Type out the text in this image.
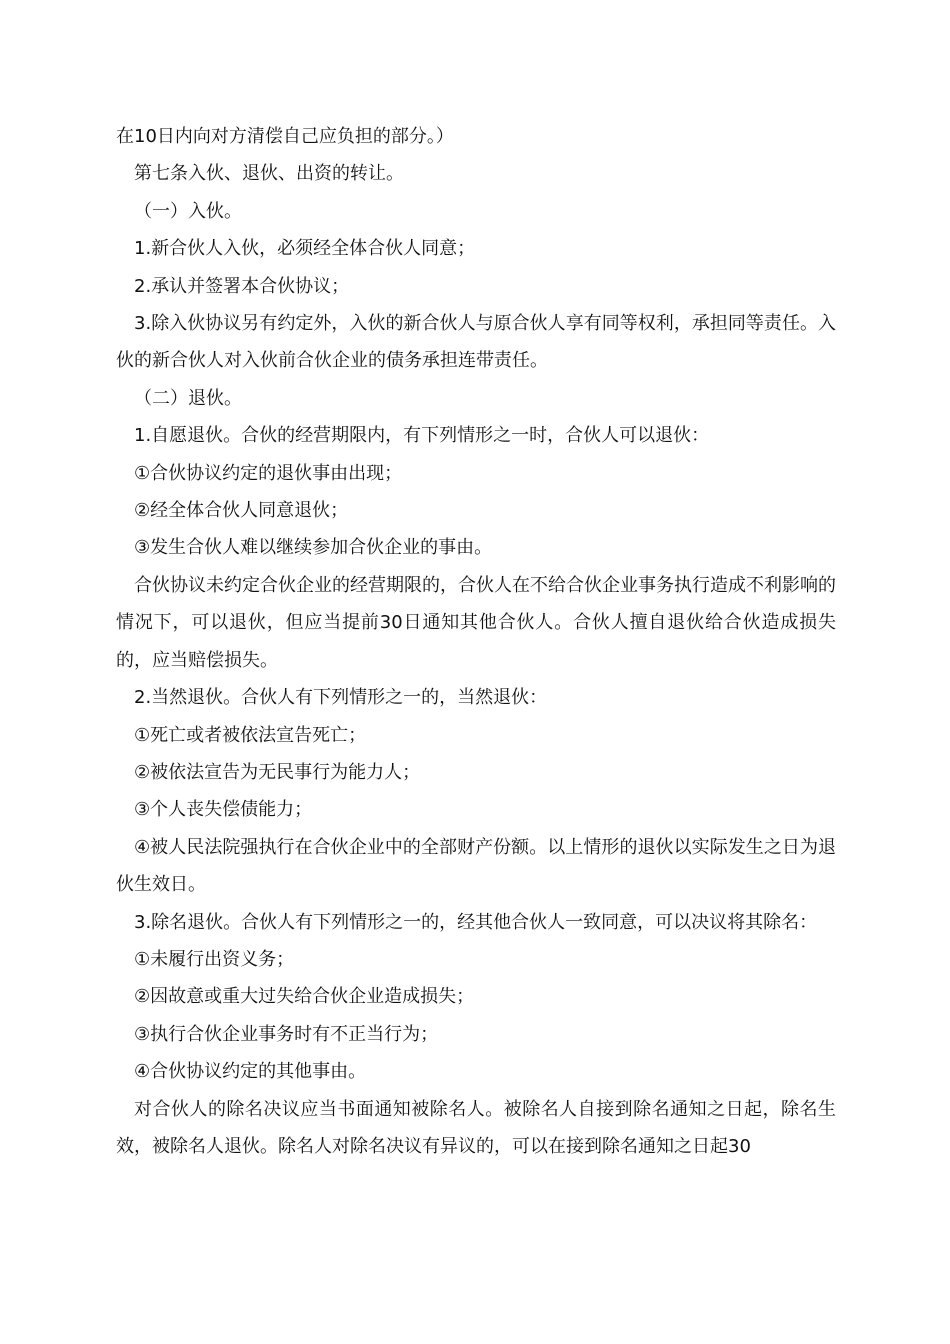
在10日内向对方清偿自己应负担的部分。）

第七条入伙、退伙、出资的转让。

（一）入伙。

1.新合伙人入伙，必须经全体合伙人同意；

2.承认并签署本合伙协议；

3.除入伙协议另有约定外，入伙的新合伙人与原合伙人享有同等权利，承担同等责任。入伙的新合伙人对入伙前合伙企业的债务承担连带责任。

（二）退伙。

1.自愿退伙。合伙的经营期限内，有下列情形之一时，合伙人可以退伙：

①合伙协议约定的退伙事由出现；

②经全体合伙人同意退伙；

③发生合伙人难以继续参加合伙企业的事由。

合伙协议未约定合伙企业的经营期限的，合伙人在不给合伙企业事务执行造成不利影响的情况下，可以退伙，但应当提前30日通知其他合伙人。合伙人擅自退伙给合伙造成损失的，应当赔偿损失。

2.当然退伙。合伙人有下列情形之一的，当然退伙：

①死亡或者被依法宣告死亡；

②被依法宣告为无民事行为能力人；

③个人丧失偿债能力；

④被人民法院强执行在合伙企业中的全部财产份额。以上情形的退伙以实际发生之日为退伙生效日。

3.除名退伙。合伙人有下列情形之一的，经其他合伙人一致同意，可以决议将其除名：

①未履行出资义务；

②因故意或重大过失给合伙企业造成损失；

③执行合伙企业事务时有不正当行为；

④合伙协议约定的其他事由。

对合伙人的除名决议应当书面通知被除名人。被除名人自接到除名通知之日起，除名生效，被除名人退伙。除名人对除名决议有异议的，可以在接到除名通知之日起30
